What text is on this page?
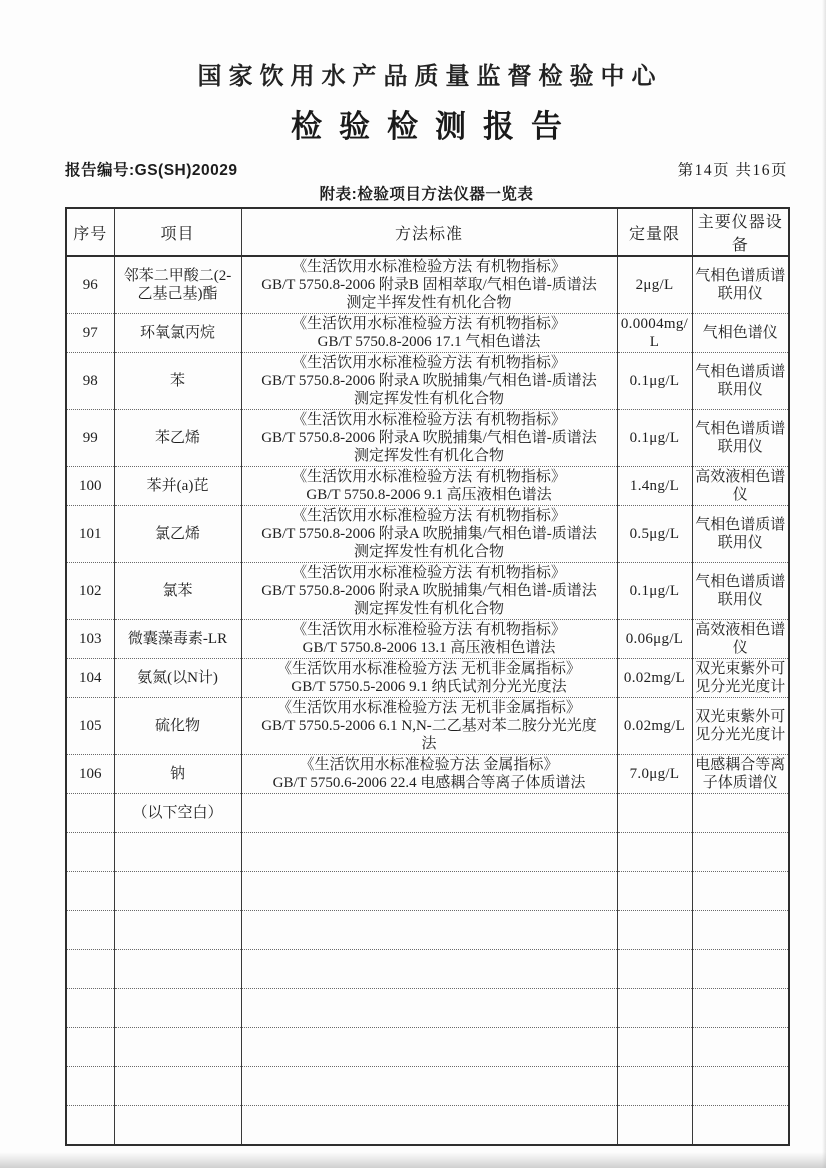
国家饮用水产品质量监督检验中心
检验检测报告
报告编号:GS(SH)20029	第14页 共16页
附表:检验项目方法仪器一览表
序号	项目	方法标准	定量限	主要仪器设备
96	邻苯二甲酸二(2-乙基己基)酯	《生活饮用水标准检验方法 有机物指标》
GB/T 5750.8-2006 附录B 固相萃取/气相色谱-质谱法
测定半挥发性有机化合物	2μg/L	气相色谱质谱联用仪
97	环氧氯丙烷	《生活饮用水标准检验方法 有机物指标》
GB/T 5750.8-2006 17.1 气相色谱法	0.0004mg/L	气相色谱仪
98	苯	《生活饮用水标准检验方法 有机物指标》
GB/T 5750.8-2006 附录A 吹脱捕集/气相色谱-质谱法
测定挥发性有机化合物	0.1μg/L	气相色谱质谱联用仪
99	苯乙烯	《生活饮用水标准检验方法 有机物指标》
GB/T 5750.8-2006 附录A 吹脱捕集/气相色谱-质谱法
测定挥发性有机化合物	0.1μg/L	气相色谱质谱联用仪
100	苯并(a)芘	《生活饮用水标准检验方法 有机物指标》
GB/T 5750.8-2006 9.1 高压液相色谱法	1.4ng/L	高效液相色谱仪
101	氯乙烯	《生活饮用水标准检验方法 有机物指标》
GB/T 5750.8-2006 附录A 吹脱捕集/气相色谱-质谱法
测定挥发性有机化合物	0.5μg/L	气相色谱质谱联用仪
102	氯苯	《生活饮用水标准检验方法 有机物指标》
GB/T 5750.8-2006 附录A 吹脱捕集/气相色谱-质谱法
测定挥发性有机化合物	0.1μg/L	气相色谱质谱联用仪
103	微囊藻毒素-LR	《生活饮用水标准检验方法 有机物指标》
GB/T 5750.8-2006 13.1 高压液相色谱法	0.06μg/L	高效液相色谱仪
104	氨氮(以N计)	《生活饮用水标准检验方法 无机非金属指标》
GB/T 5750.5-2006 9.1 纳氏试剂分光光度法	0.02mg/L	双光束紫外可见分光光度计
105	硫化物	《生活饮用水标准检验方法 无机非金属指标》
GB/T 5750.5-2006 6.1 N,N-二乙基对苯二胺分光光度
法	0.02mg/L	双光束紫外可见分光光度计
106	钠	《生活饮用水标准检验方法 金属指标》
GB/T 5750.6-2006 22.4 电感耦合等离子体质谱法	7.0μg/L	电感耦合等离子体质谱仪
	（以下空白）			
